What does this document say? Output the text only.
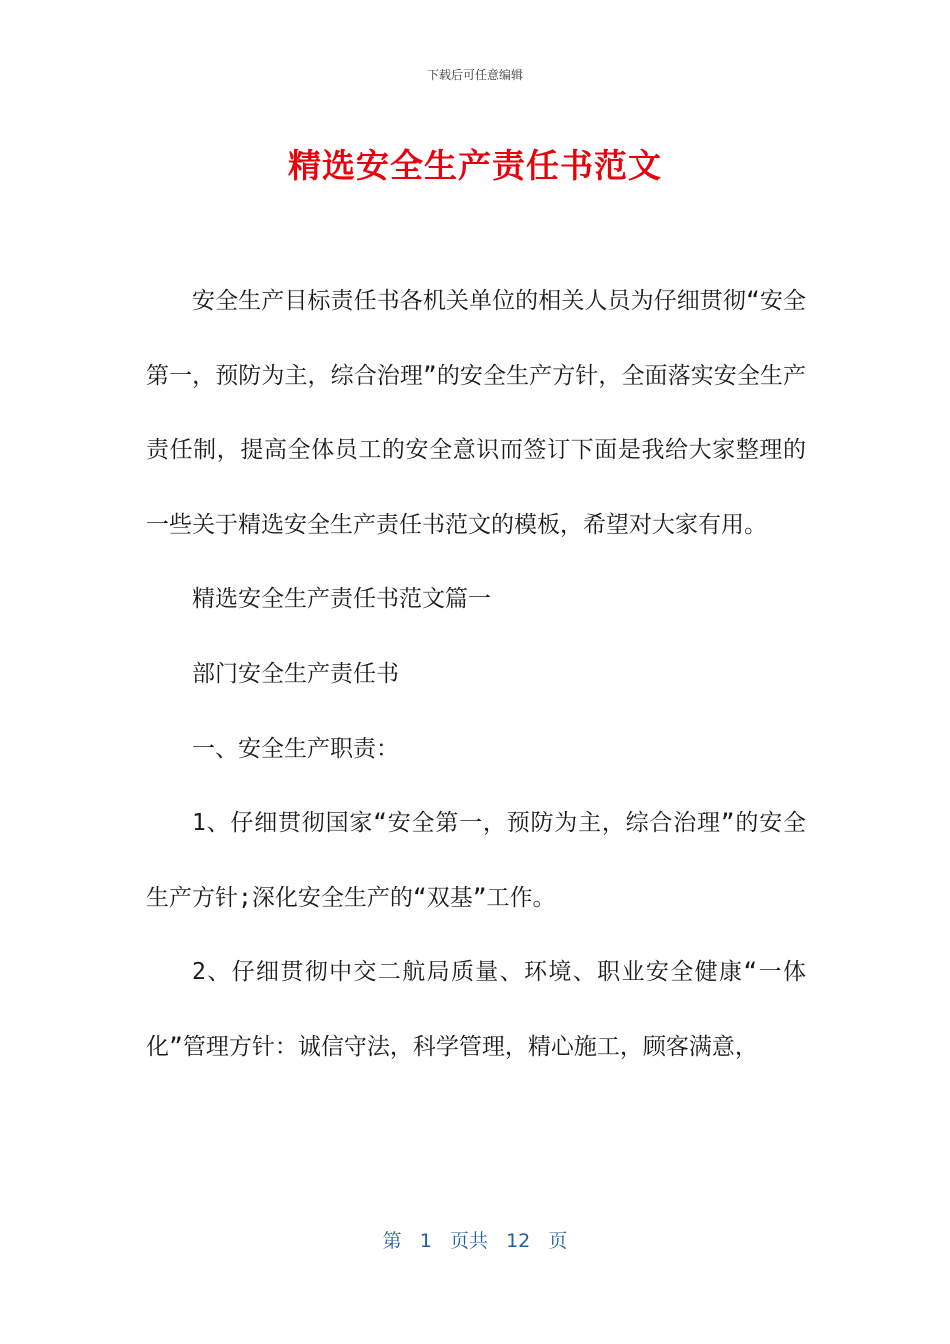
下载后可任意编辑
精选安全生产责任书范文

安全生产目标责任书各机关单位的相关人员为仔细贯彻“安全第一，预防为主，综合治理”的安全生产方针，全面落实安全生产责任制，提高全体员工的安全意识而签订下面是我给大家整理的一些关于精选安全生产责任书范文的模板，希望对大家有用。

精选安全生产责任书范文篇一

部门安全生产责任书

一、安全生产职责：

1、仔细贯彻国家“安全第一，预防为主，综合治理”的安全生产方针;深化安全生产的“双基”工作。

2、仔细贯彻中交二航局质量、环境、职业安全健康“一体化”管理方针：诚信守法，科学管理，精心施工，顾客满意，

第 1 页共 12 页
